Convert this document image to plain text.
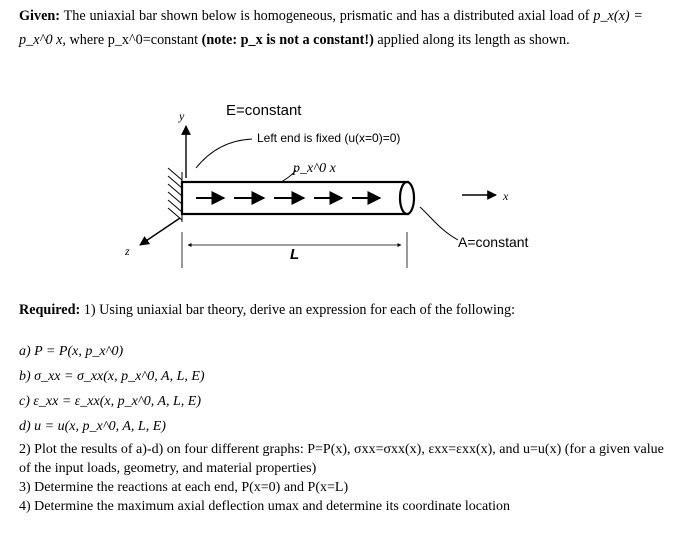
Given: The uniaxial bar shown below is homogeneous, prismatic and has a distributed axial load of p_x(x) = p_x^0 x, where p_x^0=constant (note: p_x is not a constant!) applied along its length as shown.
E=constant
y
Left end is fixed (u(x=0)=0)
p_x^0 x
x
z	L
A=constant
Required: 1) Using uniaxial bar theory, derive an expression for each of the following:
a) P = P(x, p_x^0)
b) σ_xx = σ_xx(x, p_x^0, A, L, E)
c) ε_xx = ε_xx(x, p_x^0, A, L, E)
d) u = u(x, p_x^0, A, L, E)
2) Plot the results of a)-d) on four different graphs: P=P(x), σxx=σxx(x), εxx=εxx(x), and u=u(x) (for a given value of the input loads, geometry, and material properties)
3) Determine the reactions at each end, P(x=0) and P(x=L)
4) Determine the maximum axial deflection umax and determine its coordinate location
